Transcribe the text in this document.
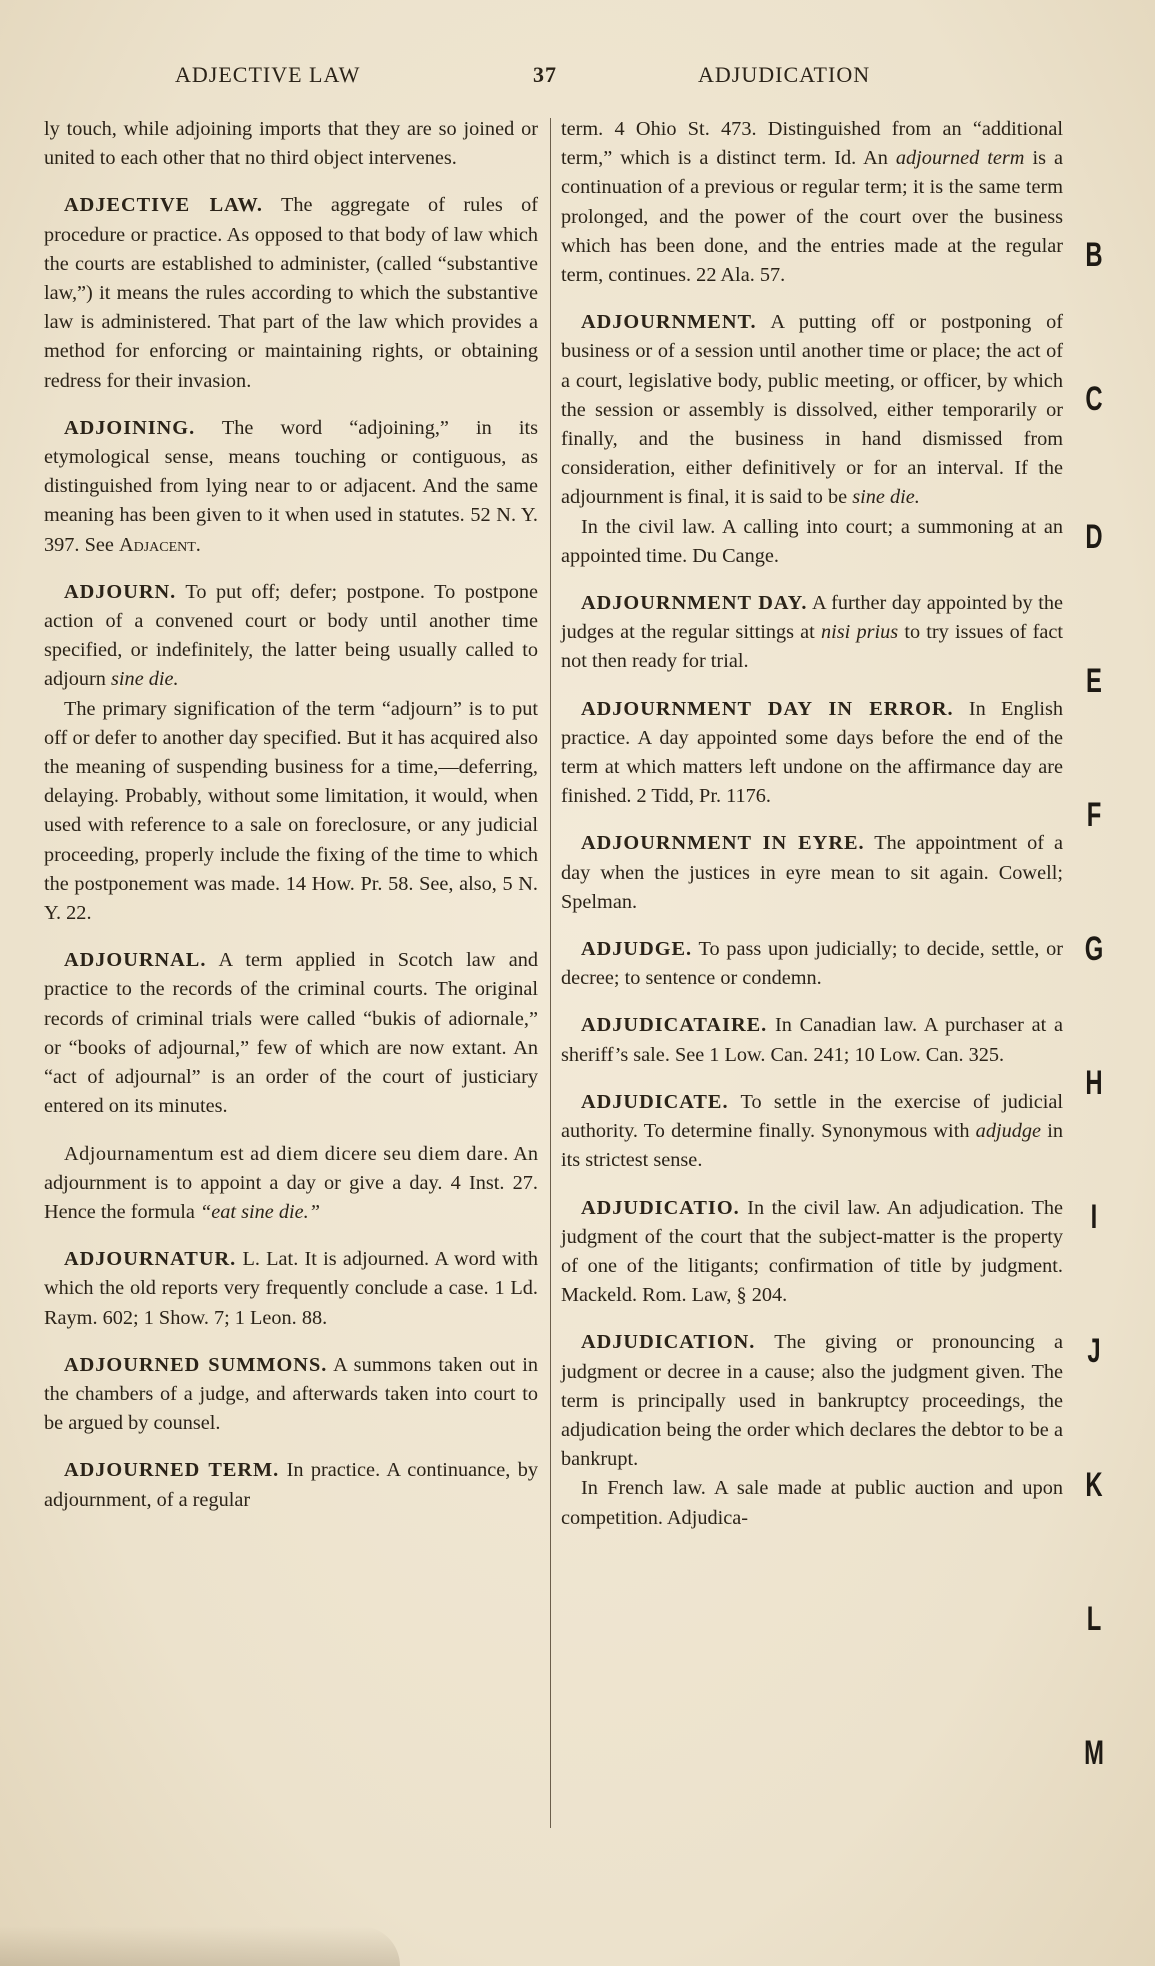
ADJECTIVE LAW	37	ADJUDICATION

ly touch, while adjoining imports that they are so joined or united to each other that no third object intervenes.

ADJECTIVE LAW. The aggregate of rules of procedure or practice. As opposed to that body of law which the courts are established to administer, (called “substantive law,”) it means the rules according to which the substantive law is administered. That part of the law which provides a method for enforcing or maintaining rights, or obtaining redress for their invasion.

ADJOINING. The word “adjoining,” in its etymological sense, means touching or contiguous, as distinguished from lying near to or adjacent. And the same meaning has been given to it when used in statutes. 52 N. Y. 397. See Adjacent.

ADJOURN. To put off; defer; postpone. To postpone action of a convened court or body until another time specified, or indefinitely, the latter being usually called to adjourn sine die.

The primary signification of the term “adjourn” is to put off or defer to another day specified. But it has acquired also the meaning of suspending business for a time,—deferring, delaying. Probably, without some limitation, it would, when used with reference to a sale on foreclosure, or any judicial proceeding, properly include the fixing of the time to which the postponement was made. 14 How. Pr. 58. See, also, 5 N. Y. 22.

ADJOURNAL. A term applied in Scotch law and practice to the records of the criminal courts. The original records of criminal trials were called “bukis of adiornale,” or “books of adjournal,” few of which are now extant. An “act of adjournal” is an order of the court of justiciary entered on its minutes.

Adjournamentum est ad diem dicere seu diem dare. An adjournment is to appoint a day or give a day. 4 Inst. 27. Hence the formula “eat sine die.”

ADJOURNATUR. L. Lat. It is adjourned. A word with which the old reports very frequently conclude a case. 1 Ld. Raym. 602; 1 Show. 7; 1 Leon. 88.

ADJOURNED SUMMONS. A summons taken out in the chambers of a judge, and afterwards taken into court to be argued by counsel.

ADJOURNED TERM. In practice. A continuance, by adjournment, of a regular

term. 4 Ohio St. 473. Distinguished from an “additional term,” which is a distinct term. Id. An adjourned term is a continuation of a previous or regular term; it is the same term prolonged, and the power of the court over the business which has been done, and the entries made at the regular term, continues. 22 Ala. 57.

ADJOURNMENT. A putting off or postponing of business or of a session until another time or place; the act of a court, legislative body, public meeting, or officer, by which the session or assembly is dissolved, either temporarily or finally, and the business in hand dismissed from consideration, either definitively or for an interval. If the adjournment is final, it is said to be sine die.

In the civil law. A calling into court; a summoning at an appointed time. Du Cange.

ADJOURNMENT DAY. A further day appointed by the judges at the regular sittings at nisi prius to try issues of fact not then ready for trial.

ADJOURNMENT DAY IN ERROR. In English practice. A day appointed some days before the end of the term at which matters left undone on the affirmance day are finished. 2 Tidd, Pr. 1176.

ADJOURNMENT IN EYRE. The appointment of a day when the justices in eyre mean to sit again. Cowell; Spelman.

ADJUDGE. To pass upon judicially; to decide, settle, or decree; to sentence or condemn.

ADJUDICATAIRE. In Canadian law. A purchaser at a sheriff’s sale. See 1 Low. Can. 241; 10 Low. Can. 325.

ADJUDICATE. To settle in the exercise of judicial authority. To determine finally. Synonymous with adjudge in its strictest sense.

ADJUDICATIO. In the civil law. An adjudication. The judgment of the court that the subject-matter is the property of one of the litigants; confirmation of title by judgment. Mackeld. Rom. Law, § 204.

ADJUDICATION. The giving or pronouncing a judgment or decree in a cause; also the judgment given. The term is principally used in bankruptcy proceedings, the adjudication being the order which declares the debtor to be a bankrupt.

In French law. A sale made at public auction and upon competition. Adjudica-

B
C
D
E
F
G
H
I
J
K
L
M
